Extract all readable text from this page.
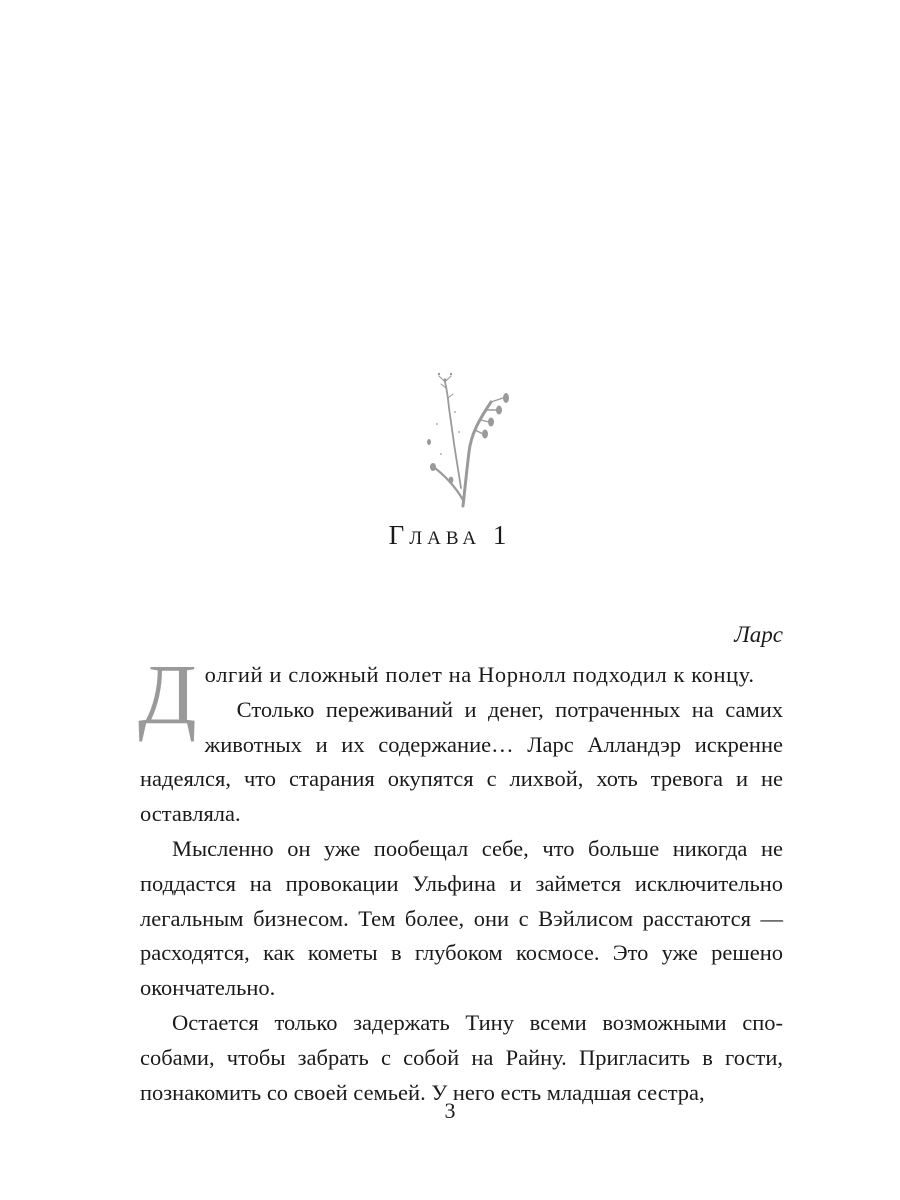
Глава 1
Ларс

Долгий и сложный полет на Норнолл подходил к концу.

Столько переживаний и денег, потраченных на самих животных и их содержание… Ларс Алландэр искренне надеялся, что старания окупятся с лихвой, хоть тревога и не оставляла.

Мысленно он уже пообещал себе, что больше никогда не поддастся на провокации Ульфина и займется исключительно легальным бизнесом. Тем более, они с Вэйлисом расстаются — расходятся, как кометы в глубоком космосе. Это уже решено окончательно.

Остается только задержать Тину всеми возможными способами, чтобы забрать с собой на Райну. Пригласить в гости, познакомить со своей семьей. У него есть младшая сестра,

3
